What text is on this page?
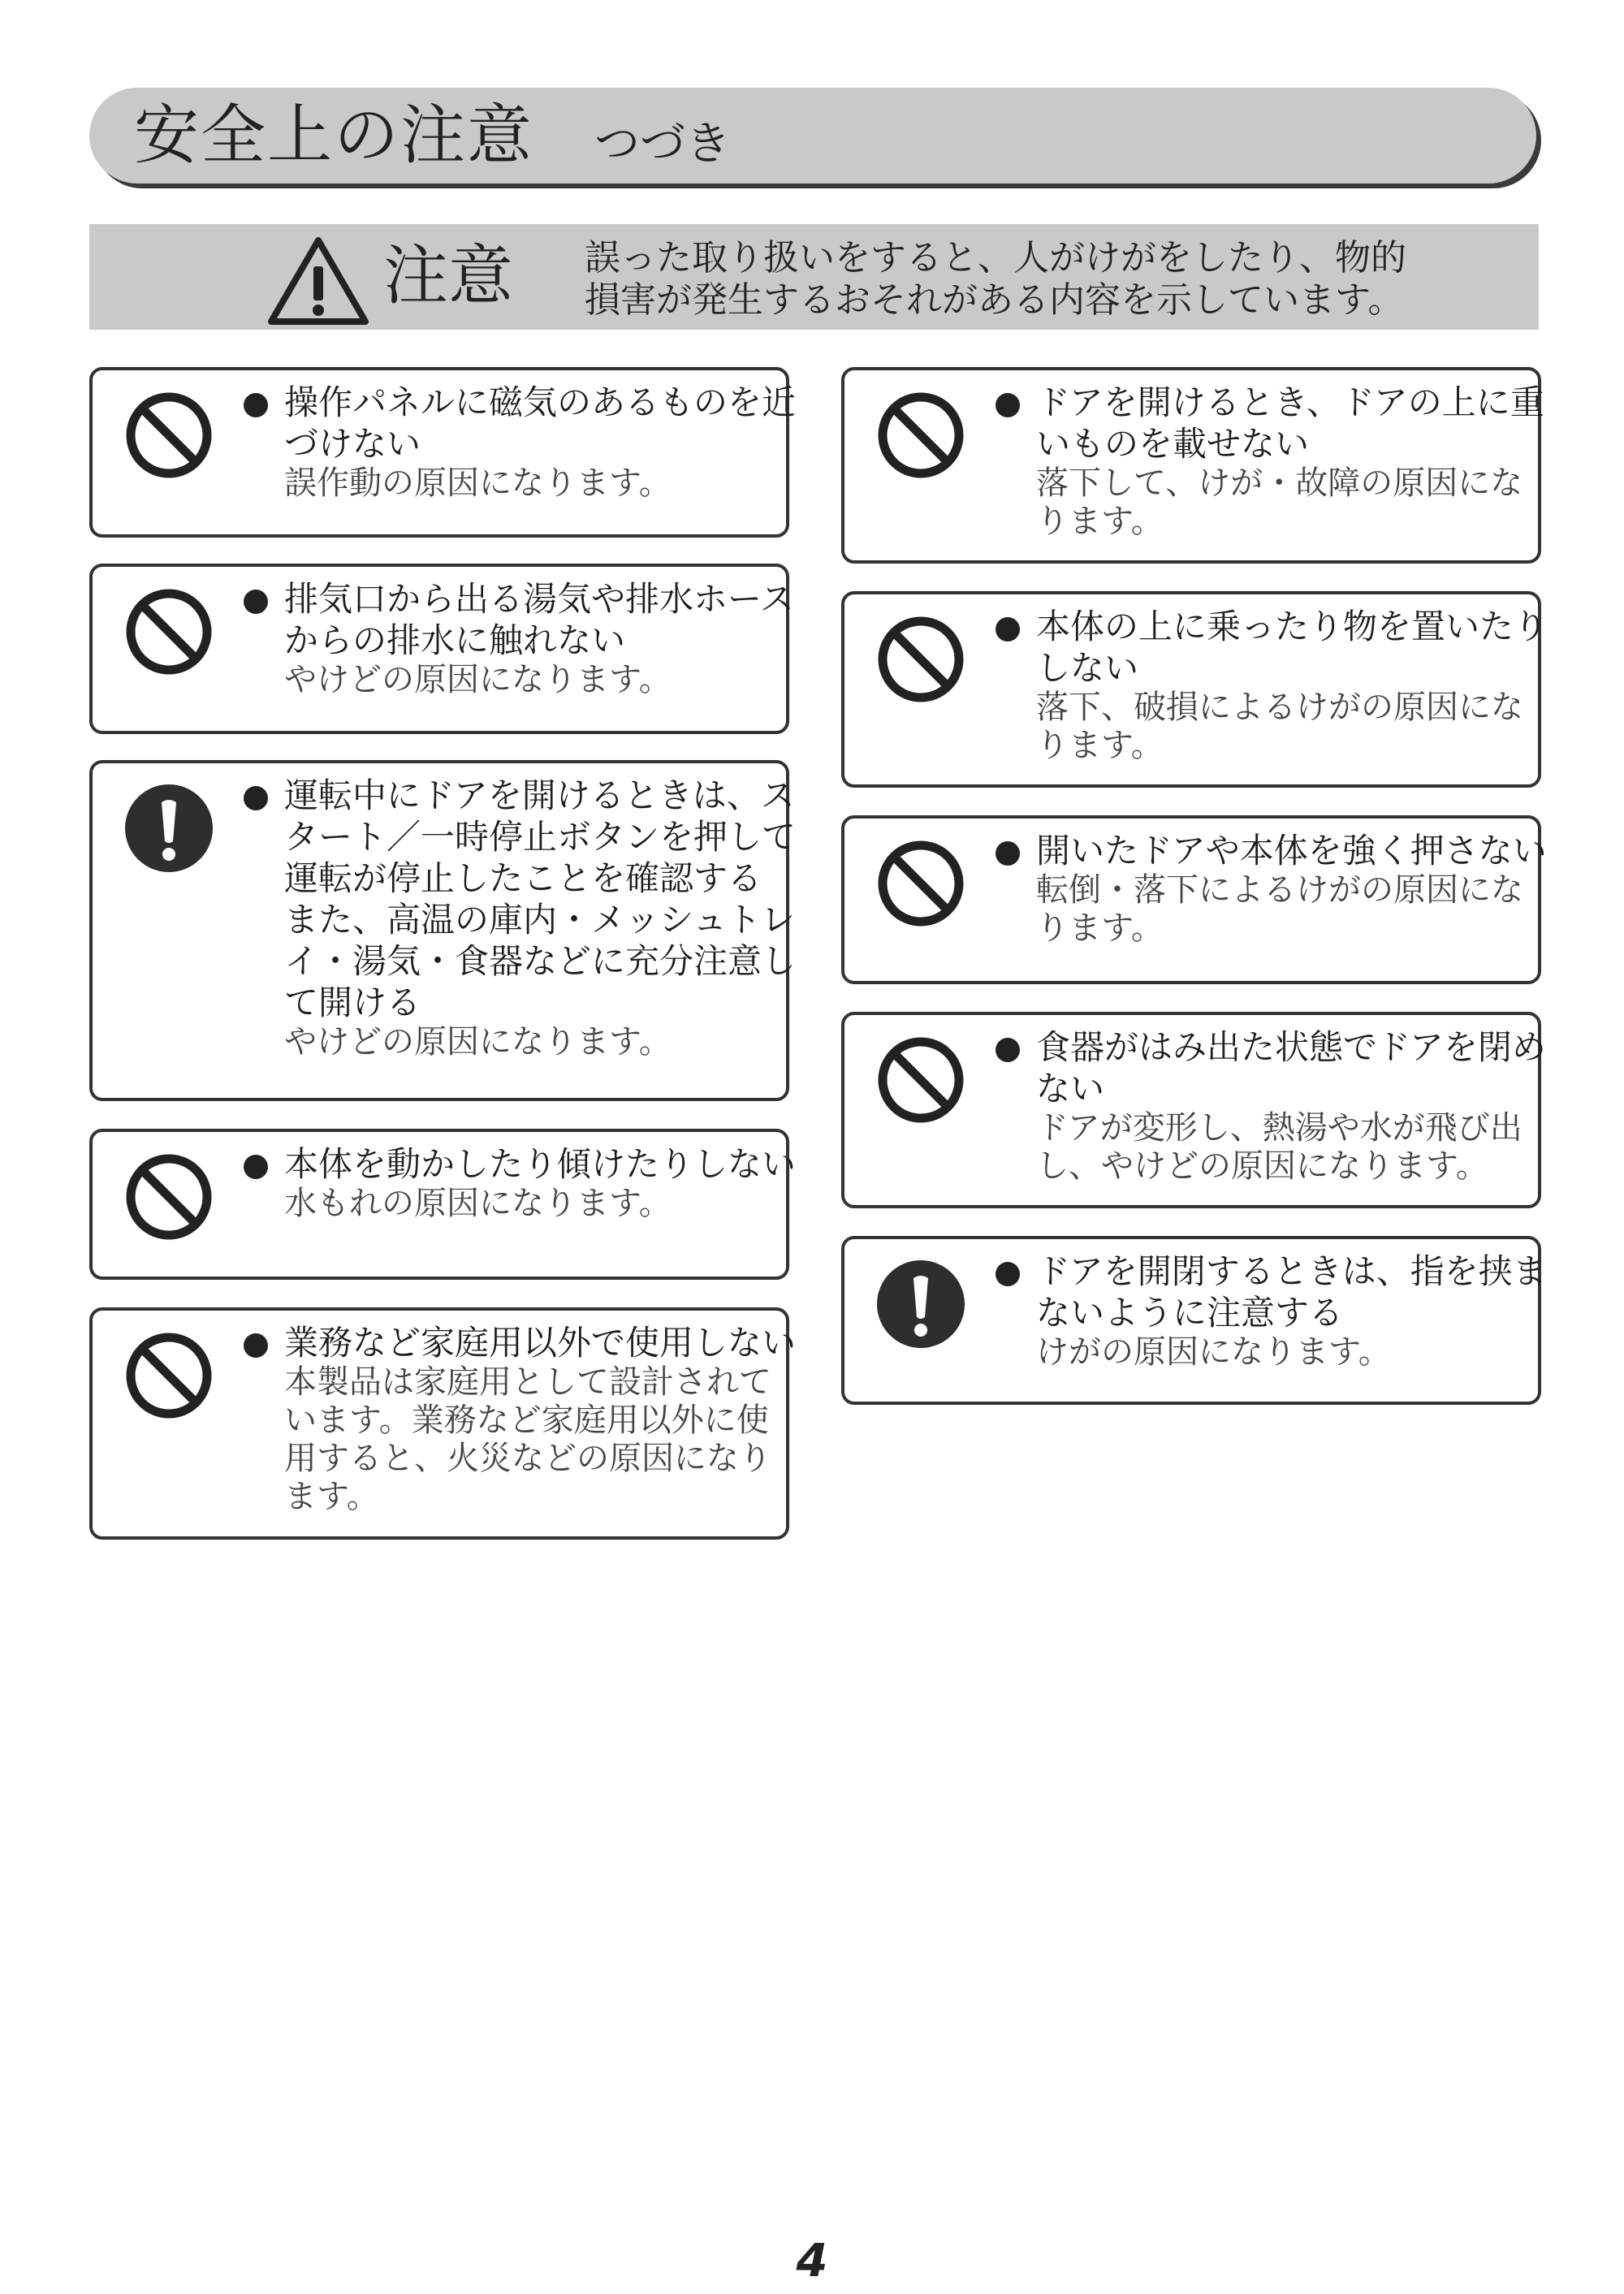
安全上の注意 つづき
注意 誤った取り扱いをすると、人がけがをしたり、物的
損害が発生するおそれがある内容を示しています。
操作パネルに磁気のあるものを近
づけない
誤作動の原因になります。
排気口から出る湯気や排水ホース
からの排水に触れない
やけどの原因になります。
運転中にドアを開けるときは、ス
タート／一時停止ボタンを押して
運転が停止したことを確認する
また、高温の庫内・メッシュトレ
イ・湯気・食器などに充分注意し
て開ける
やけどの原因になります。
本体を動かしたり傾けたりしない
水もれの原因になります。
業務など家庭用以外で使用しない
本製品は家庭用として設計されて
います。業務など家庭用以外に使
用すると、火災などの原因になり
ます。
ドアを開けるとき、ドアの上に重
いものを載せない
落下して、けが・故障の原因にな
ります。
本体の上に乗ったり物を置いたり
しない
落下、破損によるけがの原因にな
ります。
開いたドアや本体を強く押さない
転倒・落下によるけがの原因にな
ります。
食器がはみ出た状態でドアを閉め
ない
ドアが変形し、熱湯や水が飛び出
し、やけどの原因になります。
ドアを開閉するときは、指を挟ま
ないように注意する
けがの原因になります。
4
